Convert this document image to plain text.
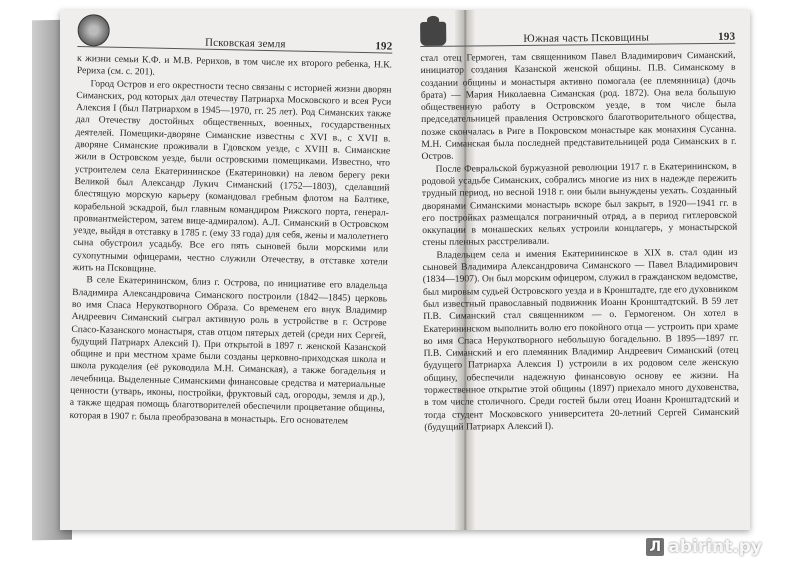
Псковская земля	192

к жизни семьи К.Ф. и М.В. Рерихов, в том числе их второго ребенка, Н.К. Рериха (см. с. 201).

Город Остров и его окрестности тесно связаны с историей жизни дворян Симанских, род которых дал отечеству Патриарха Московского и всея Руси Алексия I (был Патриархом в 1945—1970, гг. 25 лет). Род Симанских также дал Отечеству достойных общественных, военных, государственных деятелей. Помещики-дворяне Симанские известны с XVI в., с XVII в. дворяне Симанские проживали в Гдовском уезде, с XVIII в. Симанские жили в Островском уезде, были островскими помещиками. Известно, что устроителем села Екатерининское (Екатериновки) на левом берегу реки Великой был Александр Лукич Симанский (1752—1803), сделавший блестящую морскую карьеру (командовал гребным флотом на Балтике, корабельной эскадрой, был главным командиром Рижского порта, генерал-провиантмейстером, затем вице-адмиралом). А.Л. Симанский в Островском уезде, выйдя в отставку в 1785 г. (ему 33 года) для себя, жены и малолетнего сына обустроил усадьбу. Все его пять сыновей были морскими или сухопутными офицерами, честно служили Отечеству, в отставке хотели жить на Псковщине.

В селе Екатерининском, близ г. Острова, по инициативе его владельца Владимира Александровича Симанского построили (1842—1845) церковь во имя Спаса Нерукотворного Образа. Со временем его внук Владимир Андреевич Симанский сыграл активную роль в устройстве в г. Острове Спасо-Казанского монастыря, став отцом пятерых детей (среди них Сергей, будущий Патриарх Алексий I). При открытой в 1897 г. женской Казанской общине и при местном храме были созданы церковно-приходская школа и школа рукоделия (её руководила М.Н. Симанская), а также богадельня и лечебница. Выделенные Симанскими финансовые средства и материальные ценности (утварь, иконы, постройки, фруктовый сад, огороды, земля и др.), а также щедрая помощь благотворителей обеспечили процветание общины, которая в 1907 г. была преобразована в монастырь. Его основателем

Южная часть Псковщины	193

стал отец Гермоген, там священником Павел Владимирович Симанский, инициатор создания Казанской женской общины. П.В. Симанскому в создании общины и монастыря активно помогала (ее племянница) (дочь брата) — Мария Николаевна Симанская (род. 1872). Она вела большую общественную работу в Островском уезде, в том числе была председательницей правления Островского благотворительного общества, позже скончалась в Риге в Покровском монастыре как монахиня Сусанна. М.Н. Симанская была последней представительницей рода Симанских в г. Остров.

После Февральской буржуазной революции 1917 г. в Екатерининском, в родовой усадьбе Симанских, собрались многие из них в надежде пережить трудный период, но весной 1918 г. они были вынуждены уехать. Созданный дворянами Симанскими монастырь вскоре был закрыт, в 1920—1941 гг. в его постройках размещался пограничный отряд, а в период гитлеровской оккупации в монашеских кельях устроили концлагерь, у монастырской стены пленных расстреливали.

Владельцем села и имения Екатерининское в XIX в. стал один из сыновей Владимира Александровича Симанского — Павел Владимирович (1834—1907). Он был морским офицером, служил в гражданском ведомстве, был мировым судьей Островского уезда и в Кронштадте, где его духовником был известный православный подвижник Иоанн Кронштадтский. В 59 лет П.В. Симанский стал священником — о. Гермогеном. Он хотел в Екатерининском выполнить волю его покойного отца — устроить при храме во имя Спаса Нерукотворного небольшую богадельню. В 1895—1897 гг. П.В. Симанский и его племянник Владимир Андреевич Симанский (отец будущего Патриарха Алексия I) устроили в их родовом селе женскую общину, обеспечили надежную финансовую основу ее жизни. На торжественное открытие этой общины (1897) приехало много духовенства, в том числе столичного. Среди гостей были отец Иоанн Кронштадтский и тогда студент Московского университета 20-летний Сергей Симанский (будущий Патриарх Алексий I).

Л abirint.ру
